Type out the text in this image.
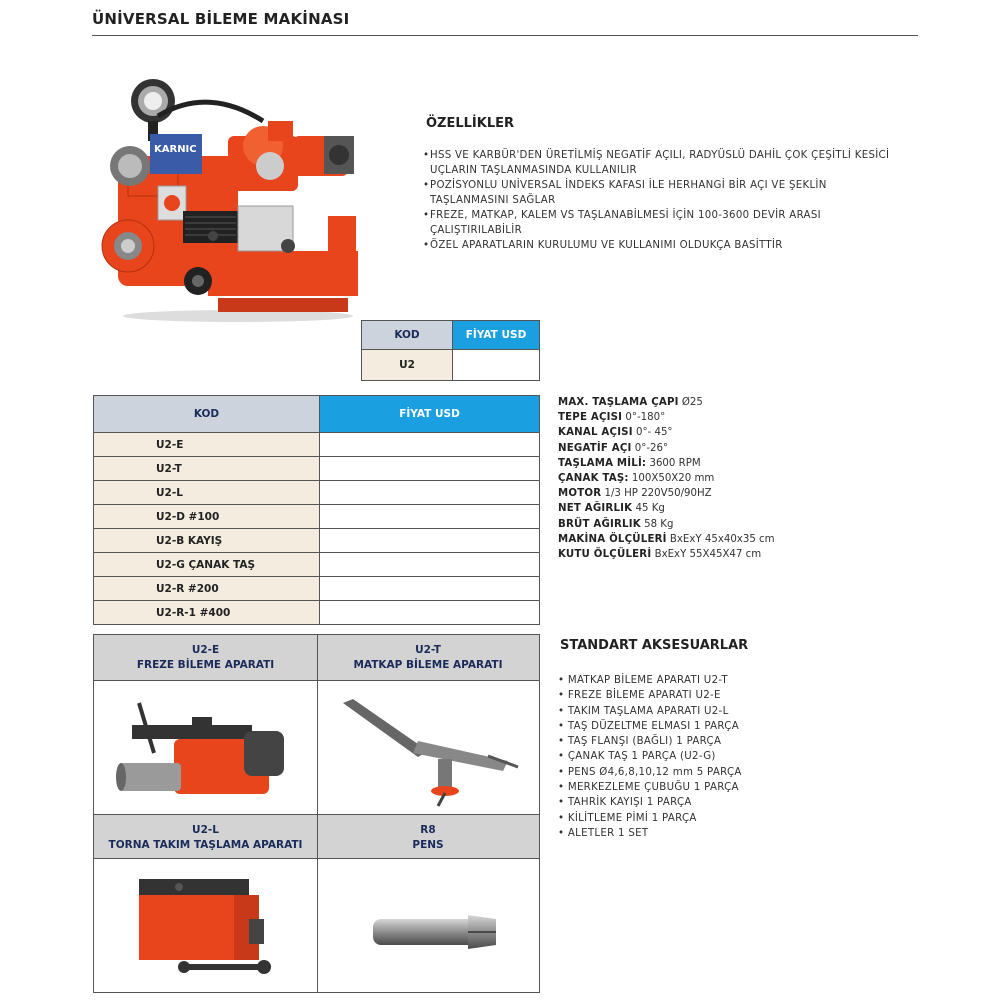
ÜNİVERSAL BİLEME MAKİNASI
KARNIC
ÖZELLİKLER
• HSS VE KARBÜR'DEN ÜRETİLMİŞ NEGATİF AÇILI, RADYÜSLÜ DAHİL ÇOK ÇEŞİTLİ KESİCİ UÇLARIN TAŞLANMASINDA KULLANILIR
• POZİSYONLU UNİVERSAL İNDEKS KAFASI İLE HERHANGİ BİR AÇI VE ŞEKLİN TAŞLANMASINI SAĞLAR
• FREZE, MATKAP, KALEM VS TAŞLANABİLMESİ İÇİN 100-3600 DEVİR ARASI ÇALIŞTIRILABİLİR
• ÖZEL APARATLARIN KURULUMU VE KULLANIMI OLDUKÇA BASİTTİR
KOD	FİYAT USD
U2	
KOD	FİYAT USD
U2-E	
U2-T	
U2-L	
U2-D #100	
U2-B KAYIŞ	
U2-G ÇANAK TAŞ	
U2-R #200	
U2-R-1 #400	
MAX. TAŞLAMA ÇAPI Ø25
TEPE AÇISI 0°-180°
KANAL AÇISI 0°- 45°
NEGATİF AÇI 0°-26°
TAŞLAMA MİLİ: 3600 RPM
ÇANAK TAŞ: 100X50X20 mm
MOTOR 1/3 HP 220V50/90HZ
NET AĞIRLIK 45 Kg
BRÜT AĞIRLIK 58 Kg
MAKİNA ÖLÇÜLERİ BxExY 45x40x35 cm
KUTU ÖLÇÜLERİ BxExY 55X45X47 cm
STANDART AKSESUARLAR
• MATKAP BİLEME APARATI U2-T
• FREZE BİLEME APARATI U2-E
• TAKIM TAŞLAMA APARATI U2-L
• TAŞ DÜZELTME ELMASI 1 PARÇA
• TAŞ FLANŞI (BAĞLI) 1 PARÇA
• ÇANAK TAŞ 1 PARÇA (U2-G)
• PENS Ø4,6,8,10,12 mm 5 PARÇA
• MERKEZLEME ÇUBUĞU 1 PARÇA
• TAHRİK KAYIŞI 1 PARÇA
• KİLİTLEME PİMİ 1 PARÇA
• ALETLER 1 SET
U2-E
FREZE BİLEME APARATI
U2-T
MATKAP BİLEME APARATI
U2-L
TORNA TAKIM TAŞLAMA APARATI
R8
PENS
